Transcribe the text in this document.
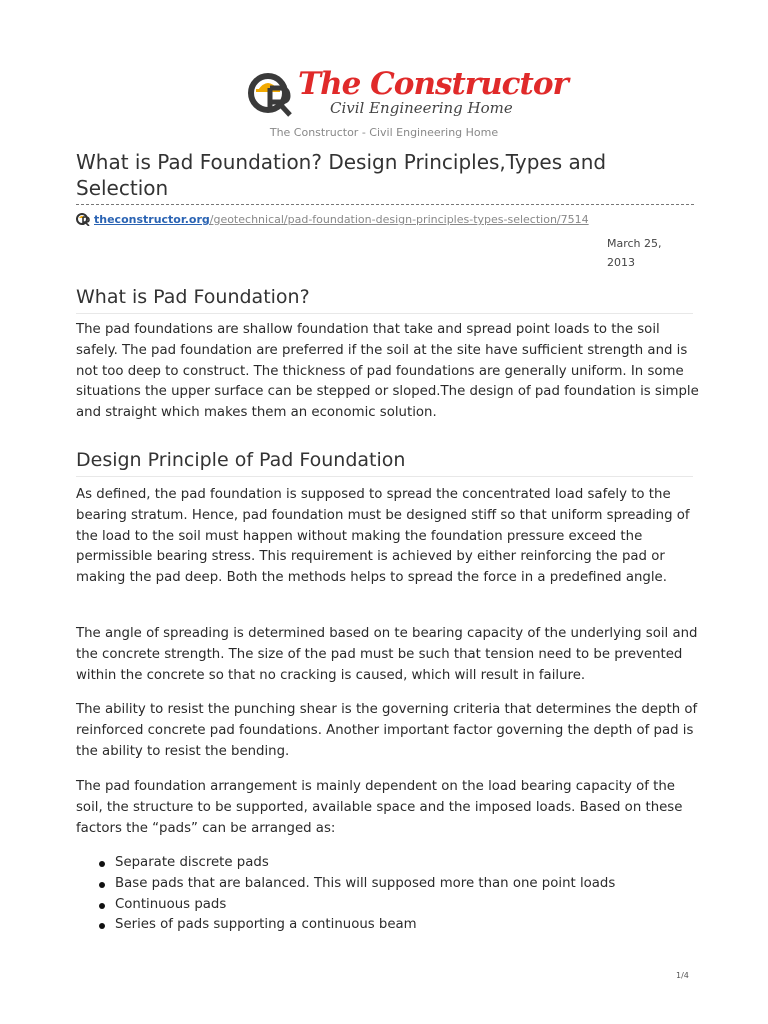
The Constructor
Civil Engineering Home
The Constructor - Civil Engineering Home
What is Pad Foundation? Design Principles,Types and Selection
theconstructor.org/geotechnical/pad-foundation-design-principles-types-selection/7514
March 25, 2013
What is Pad Foundation?

The pad foundations are shallow foundation that take and spread point loads to the soil safely. The pad foundation are preferred if the soil at the site have sufficient strength and is not too deep to construct. The thickness of pad foundations are generally uniform. In some situations the upper surface can be stepped or sloped.The design of pad foundation is simple and straight which makes them an economic solution.

Design Principle of Pad Foundation

As defined, the pad foundation is supposed to spread the concentrated load safely to the bearing stratum. Hence, pad foundation must be designed stiff so that uniform spreading of the load to the soil must happen without making the foundation pressure exceed the permissible bearing stress. This requirement is achieved by either reinforcing the pad or making the pad deep. Both the methods helps to spread the force in a predefined angle.

The angle of spreading is determined based on te bearing capacity of the underlying soil and the concrete strength. The size of the pad must be such that tension need to be prevented within the concrete so that no cracking is caused, which will result in failure.

The ability to resist the punching shear is the governing criteria that determines the depth of reinforced concrete pad foundations. Another important factor governing the depth of pad is the ability to resist the bending.

The pad foundation arrangement is mainly dependent on the load bearing capacity of the soil, the structure to be supported, available space and the imposed loads. Based on these factors the “pads” can be arranged as:

Separate discrete pads
Base pads that are balanced. This will supposed more than one point loads
Continuous pads
Series of pads supporting a continuous beam
1/4
